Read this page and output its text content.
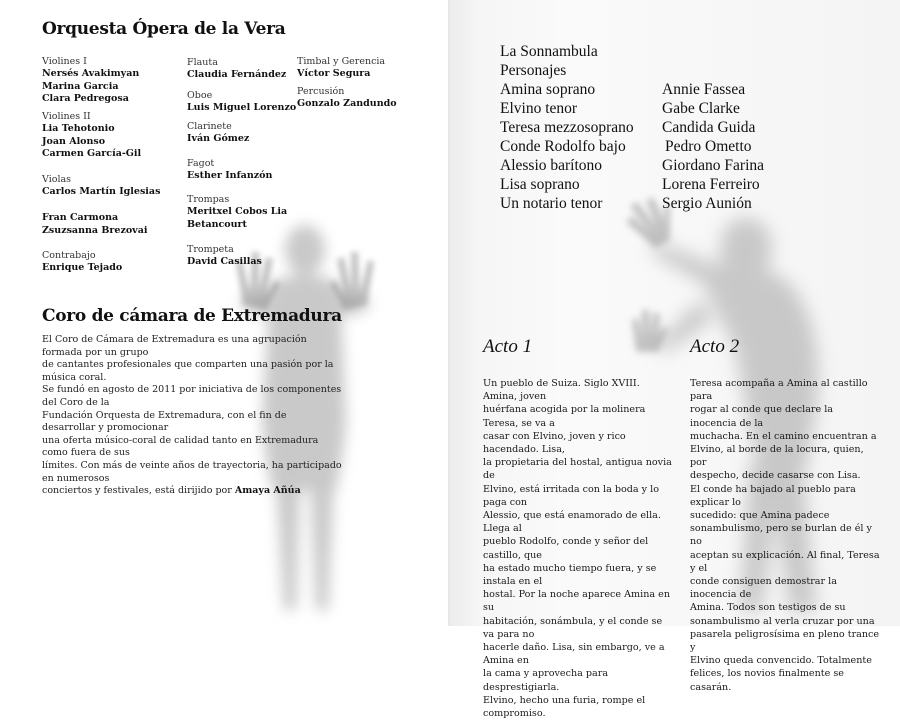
Orquesta Ópera de la Vera
Violines I
Nersés Avakimyan
Marina Garcia
Clara Pedregosa
Violines II
Lia Tehotonio
Joan Alonso
Carmen García-Gil
Violas
Carlos Martín Iglesias
Fran Carmona
Zsuzsanna Brezovai
Contrabajo
Enrique Tejado
Flauta
Claudia Fernández
Oboe
Luis Miguel Lorenzo
Clarinete
Iván Gómez
Fagot
Esther Infanzón
Trompas
Meritxel Cobos Lia
Betancourt
Trompeta
David Casillas
Timbal y Gerencia
Víctor Segura
Percusión
Gonzalo Zandundo
Coro de cámara de Extremadura
El Coro de Cámara de Extremadura es una agrupación formada por un grupo
de cantantes profesionales que comparten una pasión por la música coral.
Se fundó en agosto de 2011 por iniciativa de los componentes del Coro de la
Fundación Orquesta de Extremadura, con el fin de desarrollar y promocionar
una oferta músico-coral de calidad tanto en Extremadura como fuera de sus
límites. Con más de veinte años de trayectoria, ha participado en numerosos
conciertos y festivales, está dirijido por Amaya Añúa
La Sonnambula
Personajes
Amina soprano
Elvino tenor
Teresa mezzosoprano
Conde Rodolfo bajo
Alessio barítono
Lisa soprano
Un notario tenor
Annie Fassea
Gabe Clarke
Candida Guida
Pedro Ometto
Giordano Farina
Lorena Ferreiro
Sergio Aunión
Acto 1	Acto 2
Un pueblo de Suiza. Siglo XVIII. Amina, joven
huérfana acogida por la molinera Teresa, se va a
casar con Elvino, joven y rico hacendado. Lisa,
la propietaria del hostal, antigua novia de
Elvino, está irritada con la boda y lo paga con
Alessio, que está enamorado de ella. Llega al
pueblo Rodolfo, conde y señor del castillo, que
ha estado mucho tiempo fuera, y se instala en el
hostal. Por la noche aparece Amina en su
habitación, sonámbula, y el conde se va para no
hacerle daño. Lisa, sin embargo, ve a Amina en
la cama y aprovecha para desprestigiarla.
Elvino, hecho una furia, rompe el compromiso.
Teresa acompaña a Amina al castillo para
rogar al conde que declare la inocencia de la
muchacha. En el camino encuentran a
Elvino, al borde de la locura, quien, por
despecho, decide casarse con Lisa.
El conde ha bajado al pueblo para explicar lo
sucedido: que Amina padece
sonambulismo, pero se burlan de él y no
aceptan su explicación. Al final, Teresa y el
conde consiguen demostrar la inocencia de
Amina. Todos son testigos de su
sonambulismo al verla cruzar por una
pasarela peligrosísima en pleno trance y
Elvino queda convencido. Totalmente
felices, los novios finalmente se casarán.
